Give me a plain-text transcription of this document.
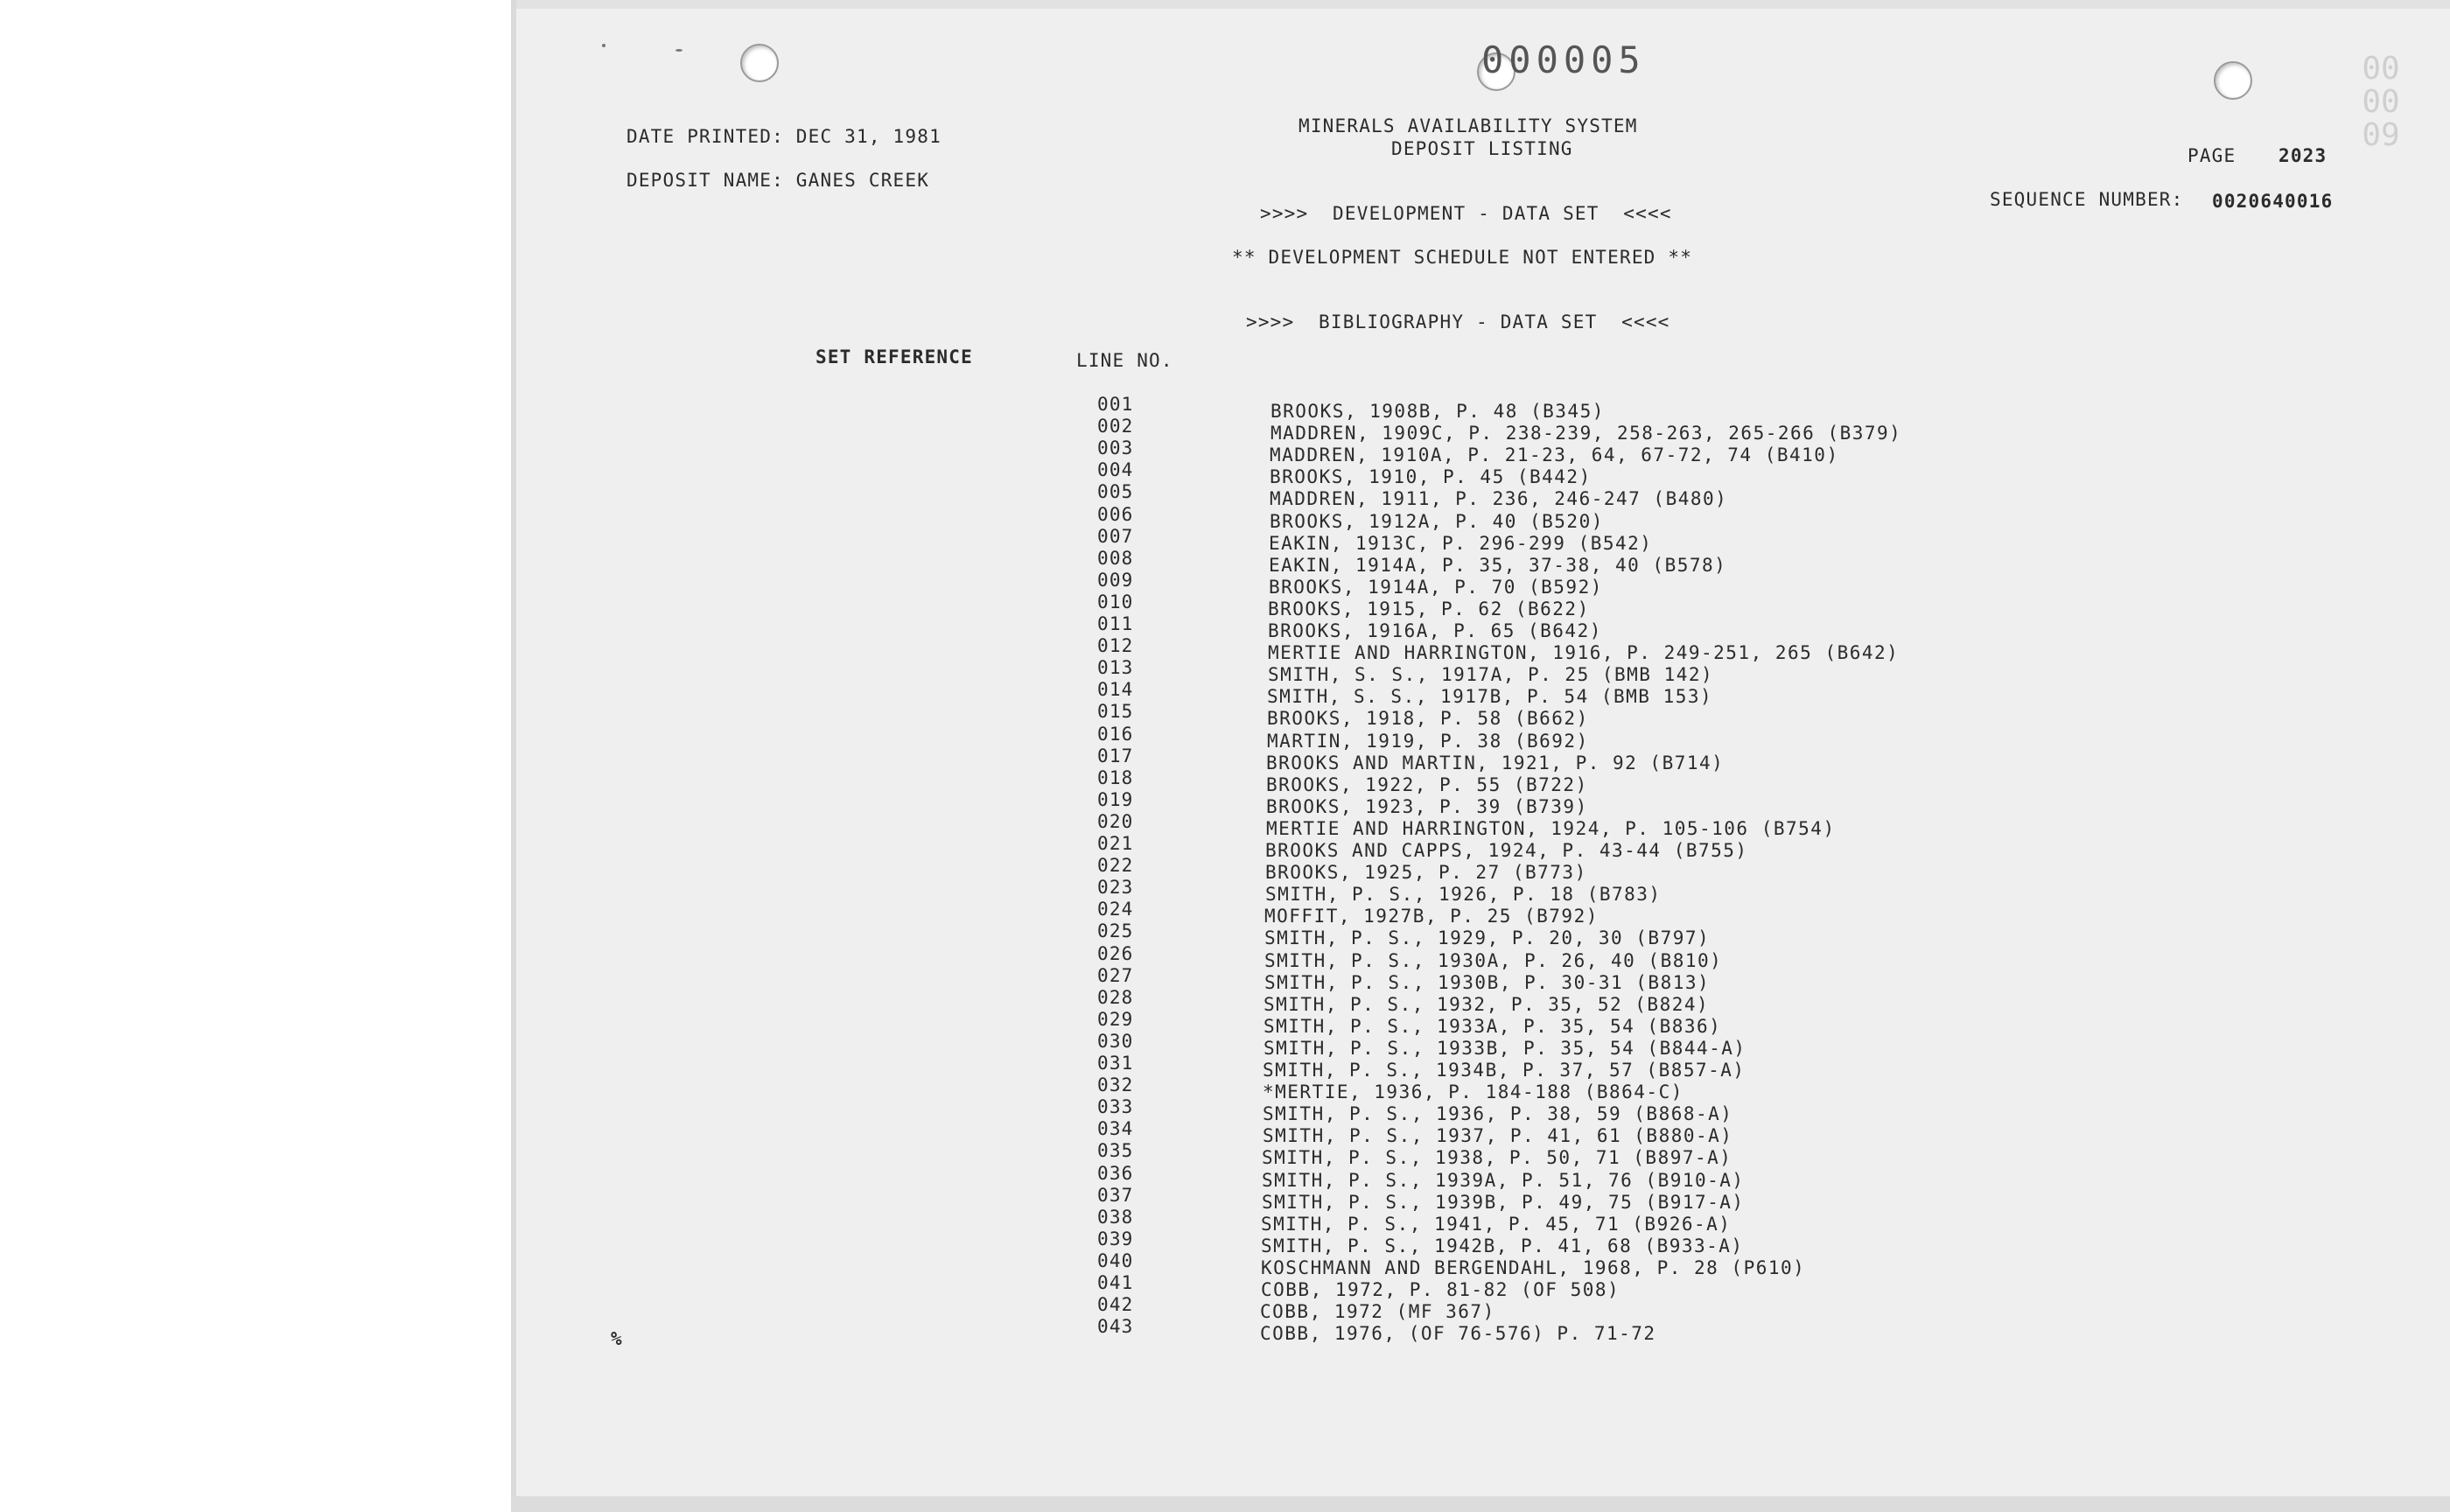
000005	000009
DATE PRINTED: DEC 31, 1981
DEPOSIT NAME: GANES CREEK
MINERALS AVAILABILITY SYSTEM
DEPOSIT LISTING	PAGE 2023
SEQUENCE NUMBER: 0020640016
>>>>  DEVELOPMENT - DATA SET  <<<<
** DEVELOPMENT SCHEDULE NOT ENTERED **
>>>>  BIBLIOGRAPHY - DATA SET  <<<<
SET REFERENCE	LINE NO.
001	BROOKS, 1908B, P. 48 (B345)
002	MADDREN, 1909C, P. 238-239, 258-263, 265-266 (B379)
003	MADDREN, 1910A, P. 21-23, 64, 67-72, 74 (B410)
004	BROOKS, 1910, P. 45 (B442)
005	MADDREN, 1911, P. 236, 246-247 (B480)
006	BROOKS, 1912A, P. 40 (B520)
007	EAKIN, 1913C, P. 296-299 (B542)
008	EAKIN, 1914A, P. 35, 37-38, 40 (B578)
009	BROOKS, 1914A, P. 70 (B592)
010	BROOKS, 1915, P. 62 (B622)
011	BROOKS, 1916A, P. 65 (B642)
012	MERTIE AND HARRINGTON, 1916, P. 249-251, 265 (B642)
013	SMITH, S. S., 1917A, P. 25 (BMB 142)
014	SMITH, S. S., 1917B, P. 54 (BMB 153)
015	BROOKS, 1918, P. 58 (B662)
016	MARTIN, 1919, P. 38 (B692)
017	BROOKS AND MARTIN, 1921, P. 92 (B714)
018	BROOKS, 1922, P. 55 (B722)
019	BROOKS, 1923, P. 39 (B739)
020	MERTIE AND HARRINGTON, 1924, P. 105-106 (B754)
021	BROOKS AND CAPPS, 1924, P. 43-44 (B755)
022	BROOKS, 1925, P. 27 (B773)
023	SMITH, P. S., 1926, P. 18 (B783)
024	MOFFIT, 1927B, P. 25 (B792)
025	SMITH, P. S., 1929, P. 20, 30 (B797)
026	SMITH, P. S., 1930A, P. 26, 40 (B810)
027	SMITH, P. S., 1930B, P. 30-31 (B813)
028	SMITH, P. S., 1932, P. 35, 52 (B824)
029	SMITH, P. S., 1933A, P. 35, 54 (B836)
030	SMITH, P. S., 1933B, P. 35, 54 (B844-A)
031	SMITH, P. S., 1934B, P. 37, 57 (B857-A)
032	*MERTIE, 1936, P. 184-188 (B864-C)
033	SMITH, P. S., 1936, P. 38, 59 (B868-A)
034	SMITH, P. S., 1937, P. 41, 61 (B880-A)
035	SMITH, P. S., 1938, P. 50, 71 (B897-A)
036	SMITH, P. S., 1939A, P. 51, 76 (B910-A)
037	SMITH, P. S., 1939B, P. 49, 75 (B917-A)
038	SMITH, P. S., 1941, P. 45, 71 (B926-A)
039	SMITH, P. S., 1942B, P. 41, 68 (B933-A)
040	KOSCHMANN AND BERGENDAHL, 1968, P. 28 (P610)
041	COBB, 1972, P. 81-82 (OF 508)
042	COBB, 1972 (MF 367)
043	COBB, 1976, (OF 76-576) P. 71-72
%
